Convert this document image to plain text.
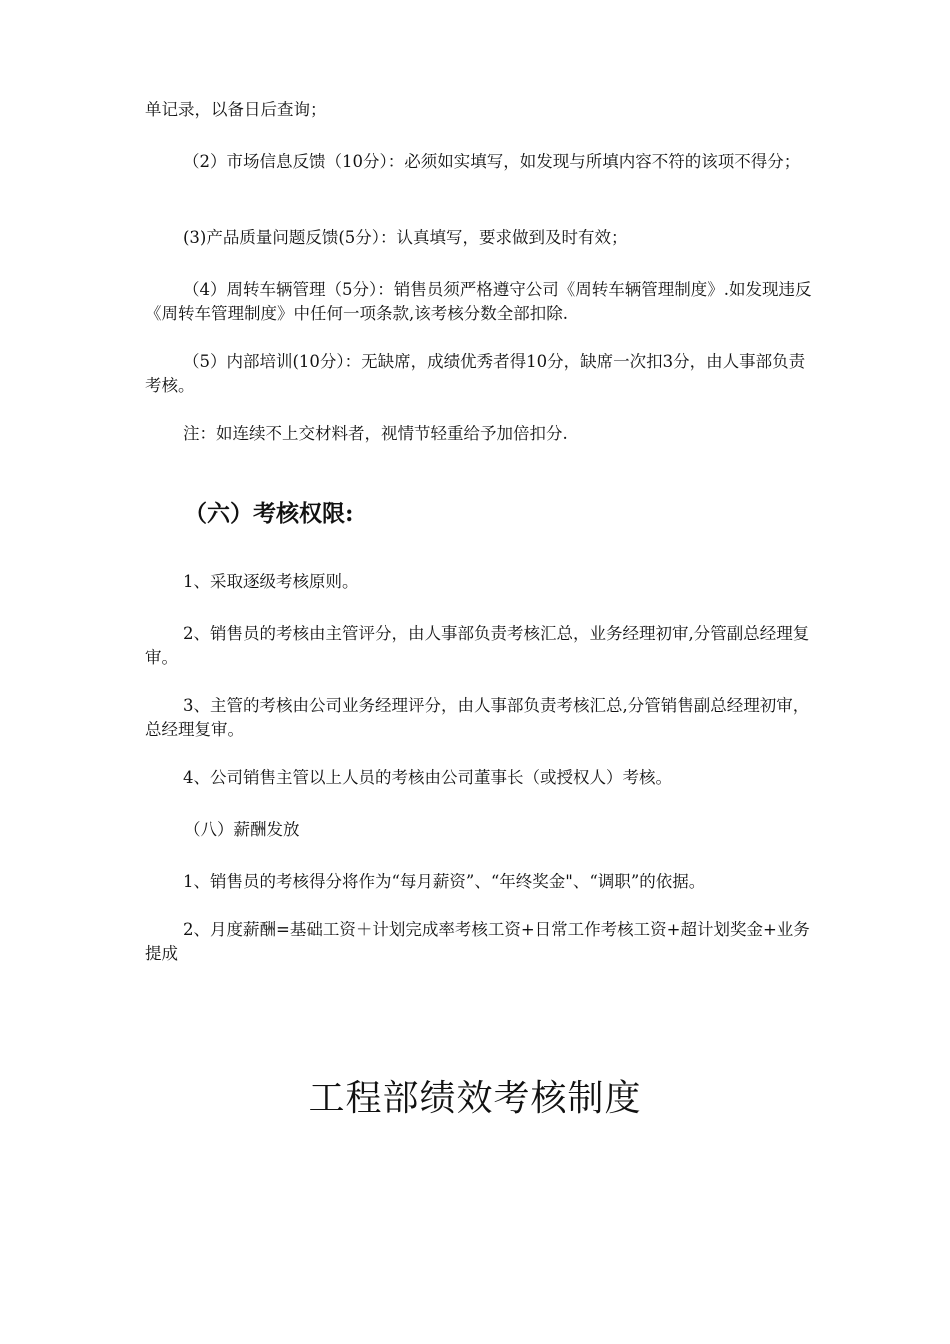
单记录，以备日后查询；

（2）市场信息反馈（10分）：必须如实填写，如发现与所填内容不符的该项不得分；

(3)产品质量问题反馈(5分）：认真填写，要求做到及时有效；

（4）周转车辆管理（5分）：销售员须严格遵守公司《周转车辆管理制度》.如发现违反《周转车管理制度》中任何一项条款,该考核分数全部扣除.

（5）内部培训(10分）：无缺席，成绩优秀者得10分，缺席一次扣3分，由人事部负责考核。

注：如连续不上交材料者，视情节轻重给予加倍扣分.

（六）考核权限:

1、采取逐级考核原则。

2、销售员的考核由主管评分，由人事部负责考核汇总，业务经理初审,分管副总经理复审。

3、主管的考核由公司业务经理评分，由人事部负责考核汇总,分管销售副总经理初审，总经理复审。

4、公司销售主管以上人员的考核由公司董事长（或授权人）考核。

（八）薪酬发放

1、销售员的考核得分将作为“每月薪资”、“年终奖金"、“调职”的依据。

2、月度薪酬=基础工资＋计划完成率考核工资+日常工作考核工资+超计划奖金+业务提成

工程部绩效考核制度
